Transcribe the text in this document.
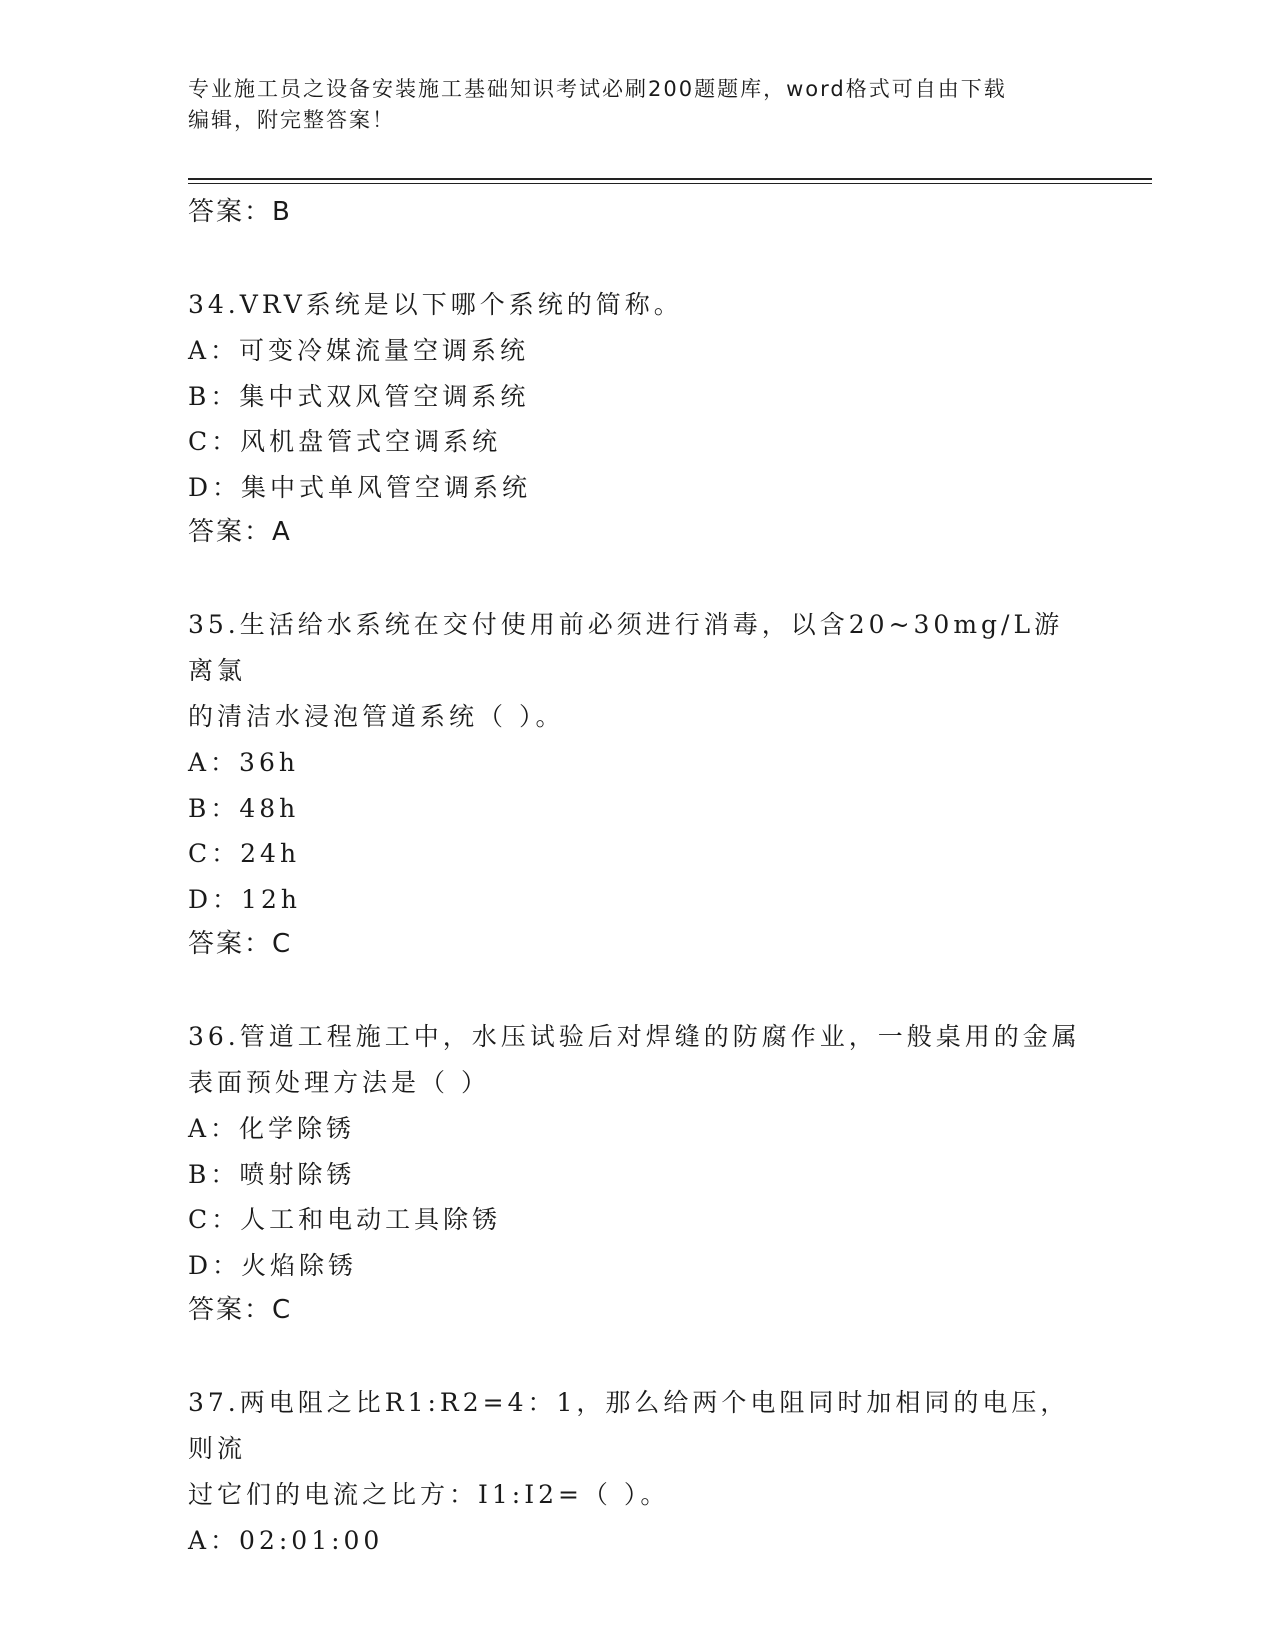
专业施工员之设备安装施工基础知识考试必刷200题题库，word格式可自由下载
编辑，附完整答案！
答案：B
34.VRV系统是以下哪个系统的简称。
A：可变冷媒流量空调系统
B：集中式双风管空调系统
C：风机盘管式空调系统
D：集中式单风管空调系统
答案：A
35.生活给水系统在交付使用前必须进行消毒，以含20~30mg/L游离氯
的清洁水浸泡管道系统（ ）。
A：36h
B：48h
C：24h
D：12h
答案：C
36.管道工程施工中，水压试验后对焊缝的防腐作业，一般桌用的金属
表面预处理方法是（ ）
A：化学除锈
B：喷射除锈
C：人工和电动工具除锈
D：火焰除锈
答案：C
37.两电阻之比R1:R2=4：1，那么给两个电阻同时加相同的电压，则流
过它们的电流之比方：I1:I2=（ ）。
A：02:01:00
